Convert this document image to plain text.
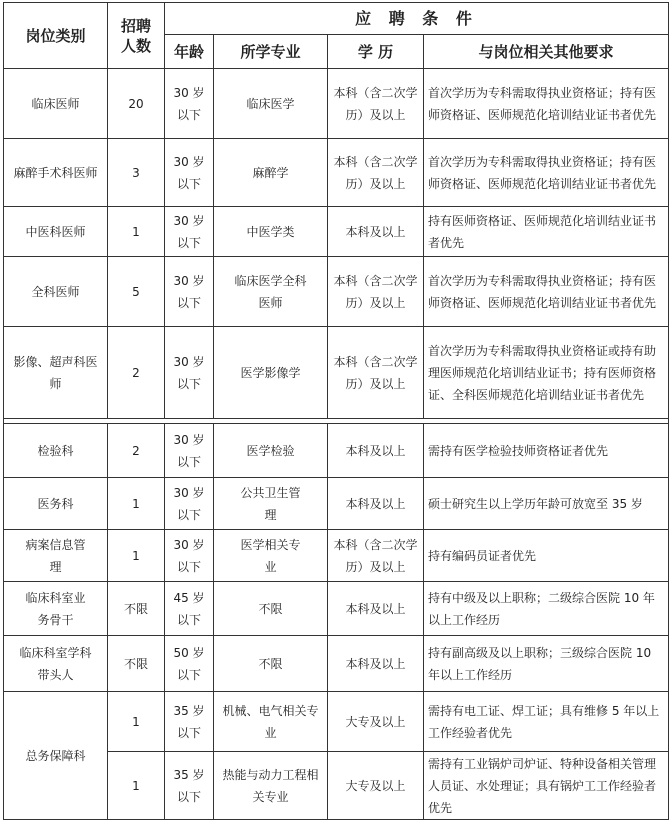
岗位类别	招聘人数	应 聘 条 件			
		年龄	所学专业	学 历	与岗位相关其他要求
临床医师	20	30 岁以下	临床医学	本科（含二次学历）及以上	首次学历为专科需取得执业资格证；持有医师资格证、医师规范化培训结业证书者优先
麻醉手术科医师	3	30 岁以下	麻醉学	本科（含二次学历）及以上	首次学历为专科需取得执业资格证；持有医师资格证、医师规范化培训结业证书者优先
中医科医师	1	30 岁以下	中医学类	本科及以上	持有医师资格证、医师规范化培训结业证书者优先
全科医师	5	30 岁以下	临床医学全科医师	本科（含二次学历）及以上	首次学历为专科需取得执业资格证；持有医师资格证、医师规范化培训结业证书者优先
影像、超声科医师	2	30 岁以下	医学影像学	本科（含二次学历）及以上	首次学历为专科需取得执业资格证或持有助理医师规范化培训结业证书；持有医师资格证、全科医师规范化培训结业证书者优先

检验科	2	30 岁以下	医学检验	本科及以上	需持有医学检验技师资格证者优先
医务科	1	30 岁以下	公共卫生管理	本科及以上	硕士研究生以上学历年龄可放宽至 35 岁
病案信息管理	1	30 岁以下	医学相关专业	本科（含二次学历）及以上	持有编码员证者优先
临床科室业务骨干	不限	45 岁以下	不限	本科及以上	持有中级及以上职称；二级综合医院 10 年以上工作经历
临床科室学科带头人	不限	50 岁以下	不限	本科及以上	持有副高级及以上职称；三级综合医院 10 年以上工作经历
总务保障科	1	35 岁以下	机械、电气相关专业	大专及以上	需持有电工证、焊工证；具有维修 5 年以上工作经验者优先
	1	35 岁以下	热能与动力工程相关专业	大专及以上	需持有工业锅炉司炉证、特种设备相关管理人员证、水处理证；具有锅炉工工作经验者优先
